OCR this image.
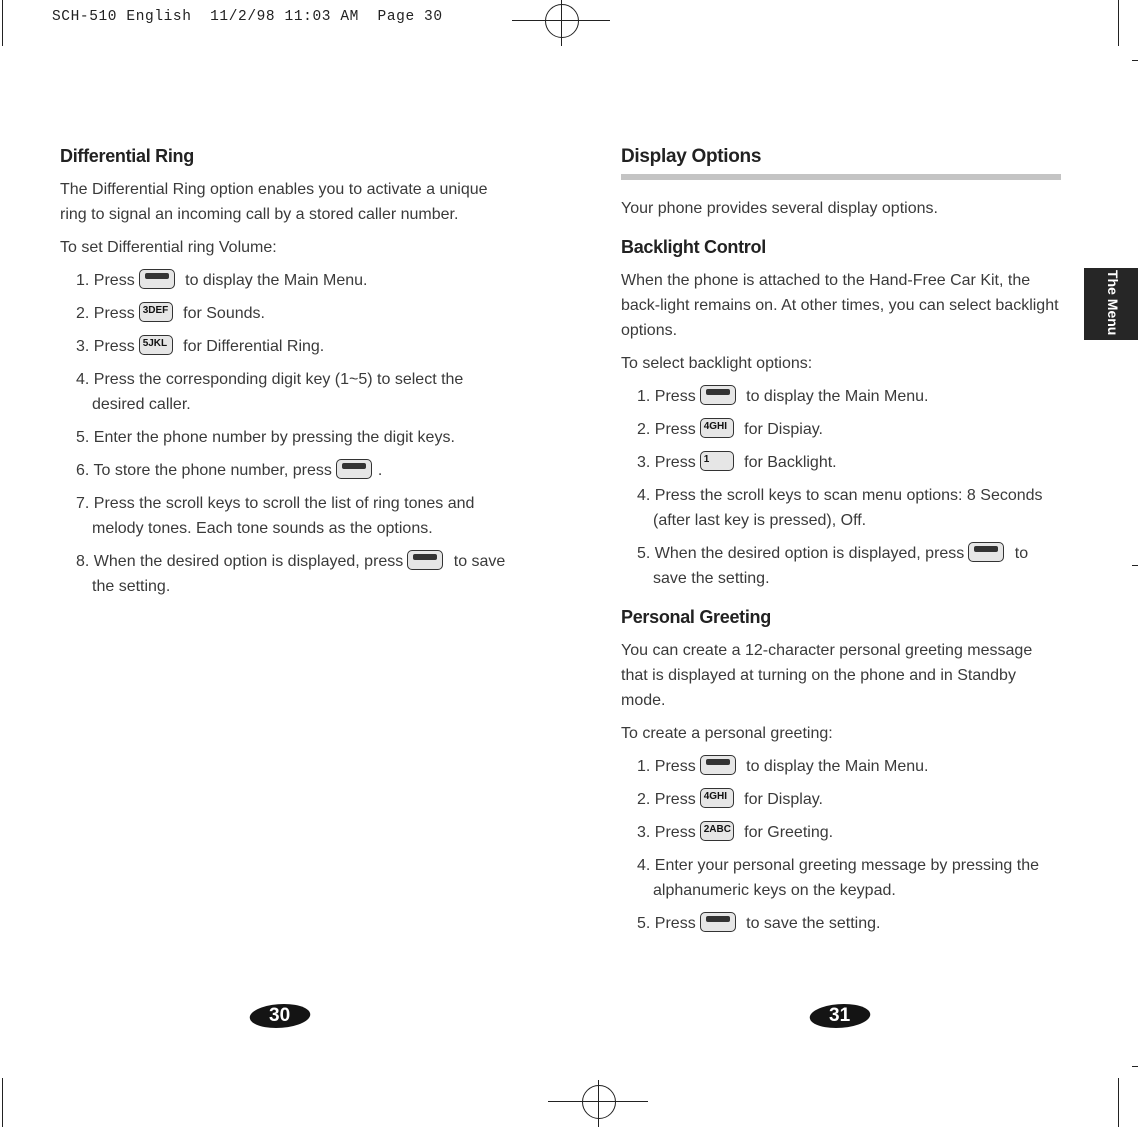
SCH-510 English  11/2/98 11:03 AM  Page 30
The Menu
Differential Ring

The Differential Ring option enables you to activate a unique ring to signal an incoming call by a stored caller number.

To set Differential ring Volume:

1. Press	to display the Main Menu.
2. Press 3DEF for Sounds.
3. Press 5JKL for Differential Ring.
4. Press the corresponding digit key (1~5) to select the desired caller.
5. Enter the phone number by pressing the digit keys.
6. To store the phone number, press	.
7. Press the scroll keys to scroll the list of ring tones and melody tones. Each tone sounds as the options.
8. When the desired option is displayed, press	to save the setting.
Display Options

Your phone provides several display options.

Backlight Control

When the phone is attached to the Hand-Free Car Kit, the back-light remains on. At other times, you can select backlight options.

To select backlight options:

1. Press	to display the Main Menu.
2. Press 4GHI for Dispiay.
3. Press 1 for Backlight.
4. Press the scroll keys to scan menu options: 8 Seconds (after last key is pressed), Off.
5. When the desired option is displayed, press	to save the setting.
Personal Greeting

You can create a 12-character personal greeting message that is displayed at turning on the phone and in Standby mode.

To create a personal greeting:

1. Press	to display the Main Menu.
2. Press 4GHI for Display.
3. Press 2ABC for Greeting.
4. Enter your personal greeting message by pressing the alphanumeric keys on the keypad.
5. Press	to save the setting.
30	31
